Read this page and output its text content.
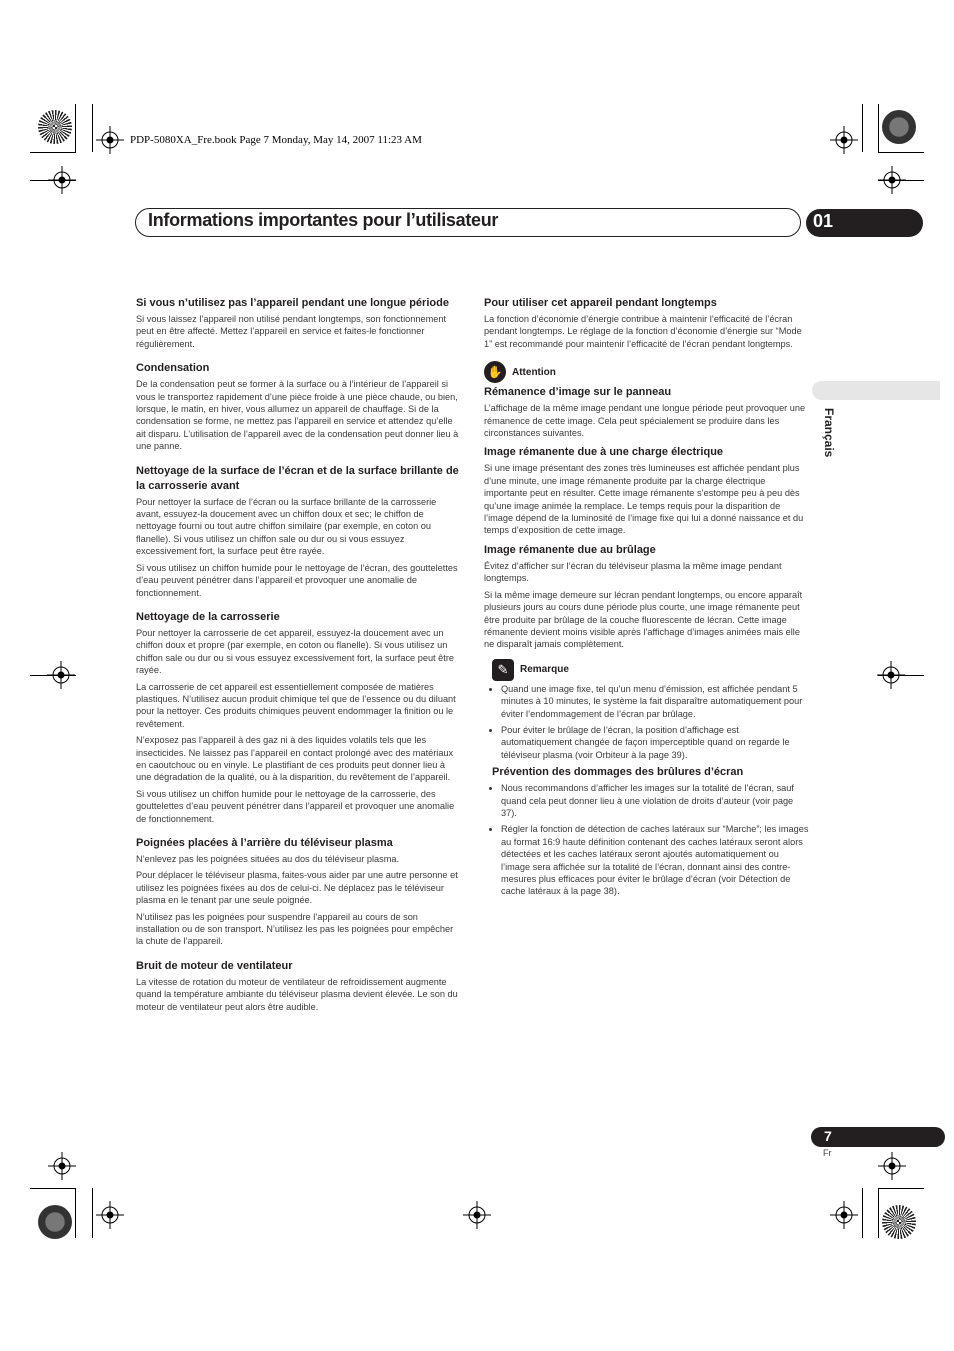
PDP-5080XA_Fre.book Page 7 Monday, May 14, 2007 11:23 AM
Informations importantes pour l’utilisateur	01
Français
Si vous n’utilisez pas l’appareil pendant une longue période

Si vous laissez l’appareil non utilisé pendant longtemps, son fonctionnement peut en être affecté. Mettez l’appareil en service et faites-le fonctionner régulièrement.

Condensation

De la condensation peut se former à la surface ou à l’intérieur de l’appareil si vous le transportez rapidement d’une pièce froide à une pièce chaude, ou bien, lorsque, le matin, en hiver, vous allumez un appareil de chauffage. Si de la condensation se forme, ne mettez pas l’appareil en service et attendez qu’elle ait disparu. L’utilisation de l’appareil avec de la condensation peut donner lieu à une panne.

Nettoyage de la surface de l’écran et de la surface brillante de la carrosserie avant

Pour nettoyer la surface de l’écran ou la surface brillante de la carrosserie avant, essuyez-la doucement avec un chiffon doux et sec; le chiffon de nettoyage fourni ou tout autre chiffon similaire (par exemple, en coton ou flanelle). Si vous utilisez un chiffon sale ou dur ou si vous essuyez excessivement fort, la surface peut être rayée.

Si vous utilisez un chiffon humide pour le nettoyage de l’écran, des gouttelettes d’eau peuvent pénétrer dans l’appareil et provoquer une anomalie de fonctionnement.

Nettoyage de la carrosserie

Pour nettoyer la carrosserie de cet appareil, essuyez-la doucement avec un chiffon doux et propre (par exemple, en coton ou flanelle). Si vous utilisez un chiffon sale ou dur ou si vous essuyez excessivement fort, la surface peut être rayée.

La carrosserie de cet appareil est essentiellement composée de matières plastiques. N’utilisez aucun produit chimique tel que de l’essence ou du diluant pour la nettoyer. Ces produits chimiques peuvent endommager la finition ou le revêtement.

N’exposez pas l’appareil à des gaz ni à des liquides volatils tels que les insecticides. Ne laissez pas l’appareil en contact prolongé avec des matériaux en caoutchouc ou en vinyle. Le plastifiant de ces produits peut donner lieu à une dégradation de la qualité, ou à la disparition, du revêtement de l’appareil.

Si vous utilisez un chiffon humide pour le nettoyage de la carrosserie, des gouttelettes d’eau peuvent pénétrer dans l’appareil et provoquer une anomalie de fonctionnement.

Poignées placées à l’arrière du téléviseur plasma

N’enlevez pas les poignées situées au dos du téléviseur plasma.

Pour déplacer le téléviseur plasma, faites-vous aider par une autre personne et utilisez les poignées fixées au dos de celui-ci. Ne déplacez pas le téléviseur plasma en le tenant par une seule poignée.

N’utilisez pas les poignées pour suspendre l’appareil au cours de son installation ou de son transport. N’utilisez les pas les poignées pour empêcher la chute de l’appareil.

Bruit de moteur de ventilateur

La vitesse de rotation du moteur de ventilateur de refroidissement augmente quand la température ambiante du téléviseur plasma devient élevée. Le son du moteur de ventilateur peut alors être audible.

Pour utiliser cet appareil pendant longtemps

La fonction d’économie d’énergie contribue à maintenir l’efficacité de l’écran pendant longtemps. Le réglage de la fonction d’économie d’énergie sur “Mode 1” est recommandé pour maintenir l’efficacité de l’écran pendant longtemps.

✋ Attention
Rémanence d’image sur le panneau

L’affichage de la même image pendant une longue période peut provoquer une rémanence de cette image. Cela peut spécialement se produire dans les circonstances suivantes.

Image rémanente due à une charge électrique

Si une image présentant des zones très lumineuses est affichée pendant plus d’une minute, une image rémanente produite par la charge électrique importante peut en résulter. Cette image rémanente s’estompe peu à peu dès qu’une image animée la remplace. Le temps requis pour la disparition de l’image dépend de la luminosité de l’image fixe qui lui a donné naissance et du temps d’exposition de cette image.

Image rémanente due au brûlage

Évitez d’afficher sur l’écran du téléviseur plasma la même image pendant longtemps.

Si la même image demeure sur lécran pendant longtemps, ou encore apparaît plusieurs jours au cours dune période plus courte, une image rémanente peut être produite par brûlage de la couche fluorescente de lécran. Cette image rémanente devient moins visible après l’affichage d’images animées mais elle ne disparaît jamais complètement.

✎	Remarque
• Quand une image fixe, tel qu’un menu d’émission, est affichée pendant 5 minutes à 10 minutes, le système la fait disparaître automatiquement pour éviter l’endommagement de l’écran par brûlage.
• Pour éviter le brûlage de l’écran, la position d’affichage est automatiquement changée de façon imperceptible quand on regarde le téléviseur plasma (voir Orbiteur à la page 39).
Prévention des dommages des brûlures d’écran
• Nous recommandons d’afficher les images sur la totalité de l’écran, sauf quand cela peut donner lieu à une violation de droits d’auteur (voir page 37).
• Régler la fonction de détection de caches latéraux sur “Marche”; les images au format 16:9 haute définition contenant des caches latéraux seront alors détectées et les caches latéraux seront ajoutés automatiquement ou l’image sera affichée sur la totalité de l’écran, donnant ainsi des contre-mesures plus efficaces pour éviter le brûlage d’écran (voir Détection de cache latéraux à la page 38).
7
Fr
